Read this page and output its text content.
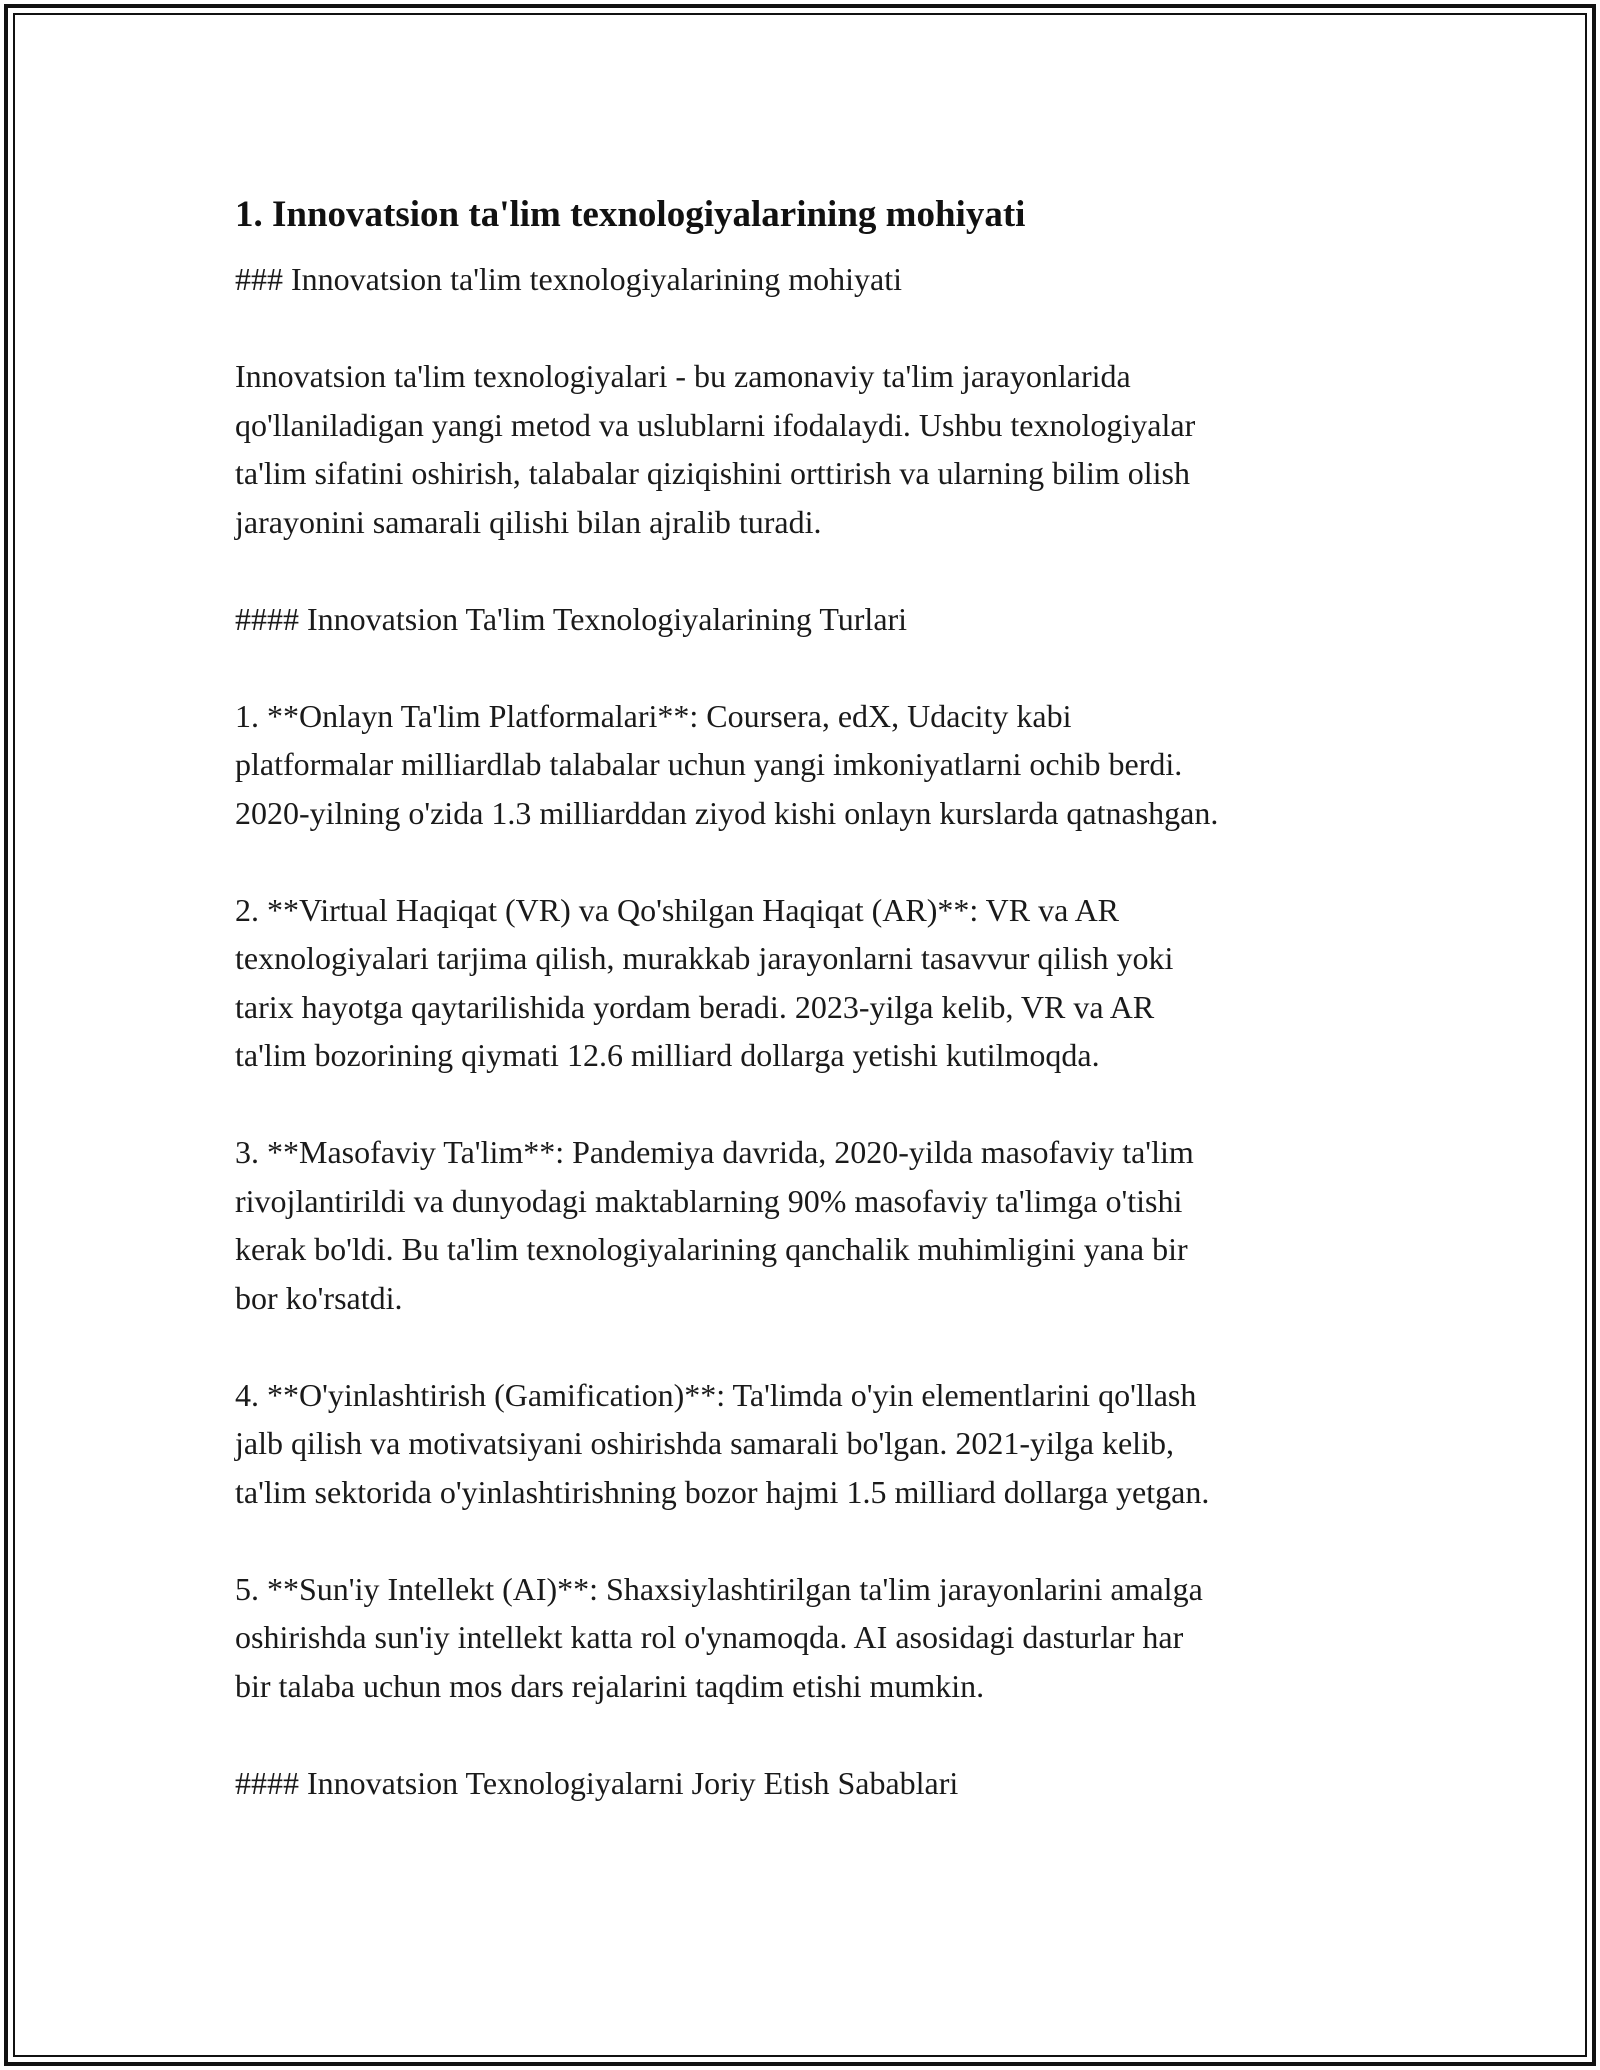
1. Innovatsion ta'lim texnologiyalarining mohiyati

### Innovatsion ta'lim texnologiyalarining mohiyati

Innovatsion ta'lim texnologiyalari - bu zamonaviy ta'lim jarayonlarida

qo'llaniladigan yangi metod va uslublarni ifodalaydi. Ushbu texnologiyalar

ta'lim sifatini oshirish, talabalar qiziqishini orttirish va ularning bilim olish

jarayonini samarali qilishi bilan ajralib turadi.

#### Innovatsion Ta'lim Texnologiyalarining Turlari

1. **Onlayn Ta'lim Platformalari**: Coursera, edX, Udacity kabi

platformalar milliardlab talabalar uchun yangi imkoniyatlarni ochib berdi.

2020-yilning o'zida 1.3 milliarddan ziyod kishi onlayn kurslarda qatnashgan.

2. **Virtual Haqiqat (VR) va Qo'shilgan Haqiqat (AR)**: VR va AR

texnologiyalari tarjima qilish, murakkab jarayonlarni tasavvur qilish yoki

tarix hayotga qaytarilishida yordam beradi. 2023-yilga kelib, VR va AR

ta'lim bozorining qiymati 12.6 milliard dollarga yetishi kutilmoqda.

3. **Masofaviy Ta'lim**: Pandemiya davrida, 2020-yilda masofaviy ta'lim

rivojlantirildi va dunyodagi maktablarning 90% masofaviy ta'limga o'tishi

kerak bo'ldi. Bu ta'lim texnologiyalarining qanchalik muhimligini yana bir

bor ko'rsatdi.

4. **O'yinlashtirish (Gamification)**: Ta'limda o'yin elementlarini qo'llash

jalb qilish va motivatsiyani oshirishda samarali bo'lgan. 2021-yilga kelib,

ta'lim sektorida o'yinlashtirishning bozor hajmi 1.5 milliard dollarga yetgan.

5. **Sun'iy Intellekt (AI)**: Shaxsiylashtirilgan ta'lim jarayonlarini amalga

oshirishda sun'iy intellekt katta rol o'ynamoqda. AI asosidagi dasturlar har

bir talaba uchun mos dars rejalarini taqdim etishi mumkin.

#### Innovatsion Texnologiyalarni Joriy Etish Sabablari
